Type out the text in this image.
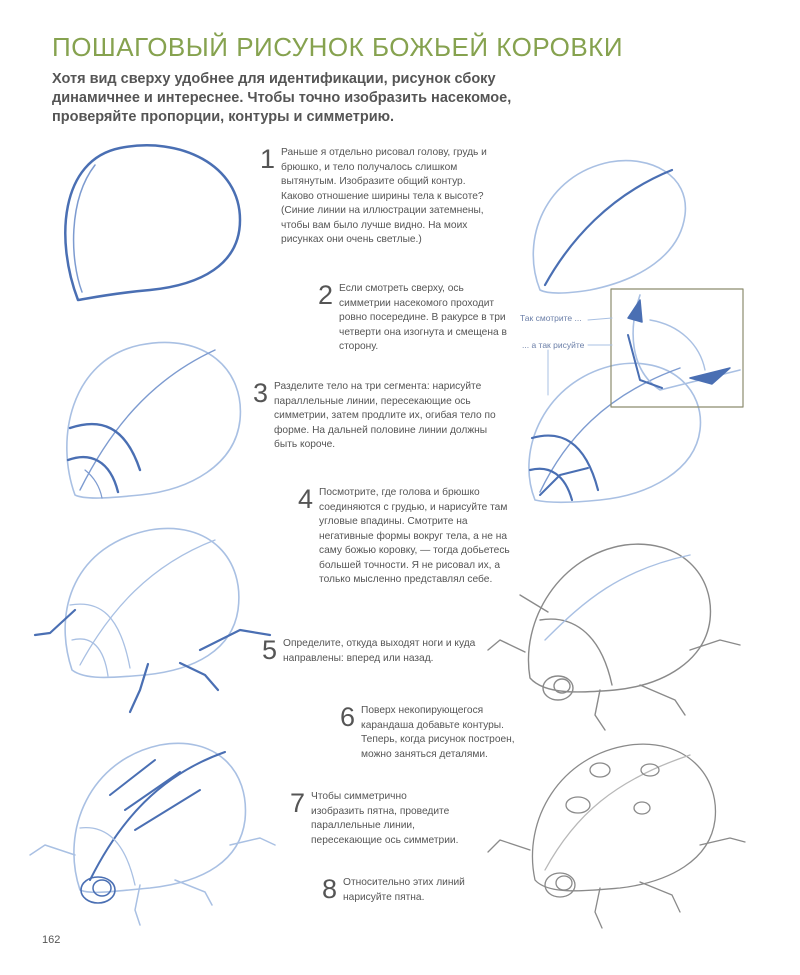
ПОШАГОВЫЙ РИСУНОК БОЖЬЕЙ КОРОВКИ

Хотя вид сверху удобнее для идентификации, рисунок сбоку динамичнее и интереснее. Чтобы точно изобразить насекомое, проверяйте пропорции, контуры и симметрию.

1 Раньше я отдельно рисовал голову, грудь и брюшко, и тело получалось слишком вытянутым. Изобразите общий контур. Каково отношение ширины тела к высоте? (Синие линии на иллюстрации затемнены, чтобы вам было лучше видно. На моих рисунках они очень светлые.)
2 Если смотреть сверху, ось симметрии насекомого проходит ровно посередине. В ракурсе в три четверти она изогнута и смещена в сторону.
3 Разделите тело на три сегмента: нарисуйте параллельные линии, пересекающие ось симметрии, затем продлите их, огибая тело по форме. На дальней половине линии должны быть короче.
4 Посмотрите, где голова и брюшко соединяются с грудью, и нарисуйте там угловые впадины. Смотрите на негативные формы вокруг тела, а не на саму божью коровку, — тогда добьетесь большей точности. Я не рисовал их, а только мысленно представлял себе.
5 Определите, откуда выходят ноги и куда направлены: вперед или назад.
6 Поверх некопирующегося карандаша добавьте контуры. Теперь, когда рисунок построен, можно заняться деталями.
7 Чтобы симметрично изобразить пятна, проведите параллельные линии, пересекающие ось симметрии.
8 Относительно этих линий нарисуйте пятна.
Так смотрите ...
... а так рисуйте
162
